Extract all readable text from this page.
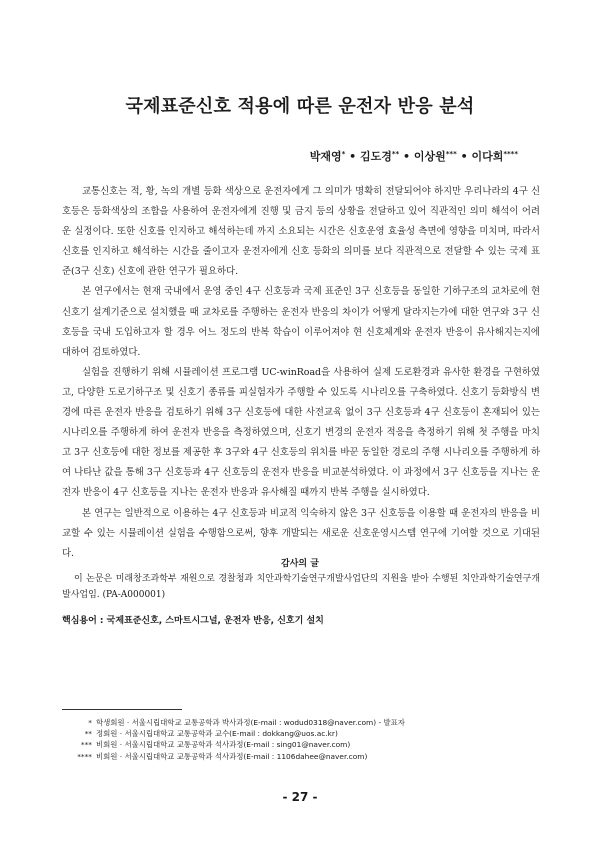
국제표준신호 적용에 따른 운전자 반응 분석
박재영* • 김도경** • 이상원*** • 이다희****

교통신호는 적, 황, 녹의 개별 등화 색상으로 운전자에게 그 의미가 명확히 전달되어야 하지만 우리나라의 4구 신호등은 등화색상의 조합을 사용하여 운전자에게 진행 및 금지 등의 상황을 전달하고 있어 직관적인 의미 해석이 어려운 실정이다. 또한 신호를 인지하고 해석하는데 까지 소요되는 시간은 신호운영 효율성 측면에 영향을 미치며, 따라서 신호를 인지하고 해석하는 시간을 줄이고자 운전자에게 신호 등화의 의미를 보다 직관적으로 전달할 수 있는 국제 표준(3구 신호) 신호에 관한 연구가 필요하다.

본 연구에서는 현재 국내에서 운영 중인 4구 신호등과 국제 표준인 3구 신호등을 동일한 기하구조의 교차로에 현 신호기 설계기준으로 설치했을 때 교차로를 주행하는 운전자 반응의 차이가 어떻게 달라지는가에 대한 연구와 3구 신호등을 국내 도입하고자 할 경우 어느 정도의 반복 학습이 이루어져야 현 신호체계와 운전자 반응이 유사해지는지에 대하여 검토하였다.

실험을 진행하기 위해 시뮬레이션 프로그램 UC-winRoad을 사용하여 실제 도로환경과 유사한 환경을 구현하였고, 다양한 도로기하구조 및 신호기 종류를 피실험자가 주행할 수 있도록 시나리오를 구축하였다. 신호기 등화방식 변경에 따른 운전자 반응을 검토하기 위해 3구 신호등에 대한 사전교육 없이 3구 신호등과 4구 신호등이 혼재되어 있는 시나리오를 주행하게 하여 운전자 반응을 측정하였으며, 신호기 변경의 운전자 적응을 측정하기 위해 첫 주행을 마치고 3구 신호등에 대한 정보를 제공한 후 3구와 4구 신호등의 위치를 바꾼 동일한 경로의 주행 시나리오를 주행하게 하여 나타난 값을 통해 3구 신호등과 4구 신호등의 운전자 반응을 비교분석하였다. 이 과정에서 3구 신호등을 지나는 운전자 반응이 4구 신호등을 지나는 운전자 반응과 유사해질 때까지 반복 주행을 실시하였다.

본 연구는 일반적으로 이용하는 4구 신호등과 비교적 익숙하지 않은 3구 신호등을 이용할 때 운전자의 반응을 비교할 수 있는 시뮬레이션 실험을 수행함으로써, 향후 개발되는 새로운 신호운영시스템 연구에 기여할 것으로 기대된다.

감사의 글
이 논문은 미래창조과학부 재원으로 경찰청과 치안과학기술연구개발사업단의 지원을 받아 수행된 치안과학기술연구개발사업임. (PA-A000001)
핵심용어 : 국제표준신호, 스마트시그널, 운전자 반응, 신호기 설치
* 학생회원 · 서울시립대학교 교통공학과 박사과정(E-mail : wodud0318@naver.com) - 발표자
** 정회원 · 서울시립대학교 교통공학과 교수(E-mail : dokkang@uos.ac.kr)
*** 비회원 · 서울시립대학교 교통공학과 석사과정(E-mail : sing01@naver.com)
**** 비회원 · 서울시립대학교 교통공학과 석사과정(E-mail : 1106dahee@naver.com)
- 27 -
